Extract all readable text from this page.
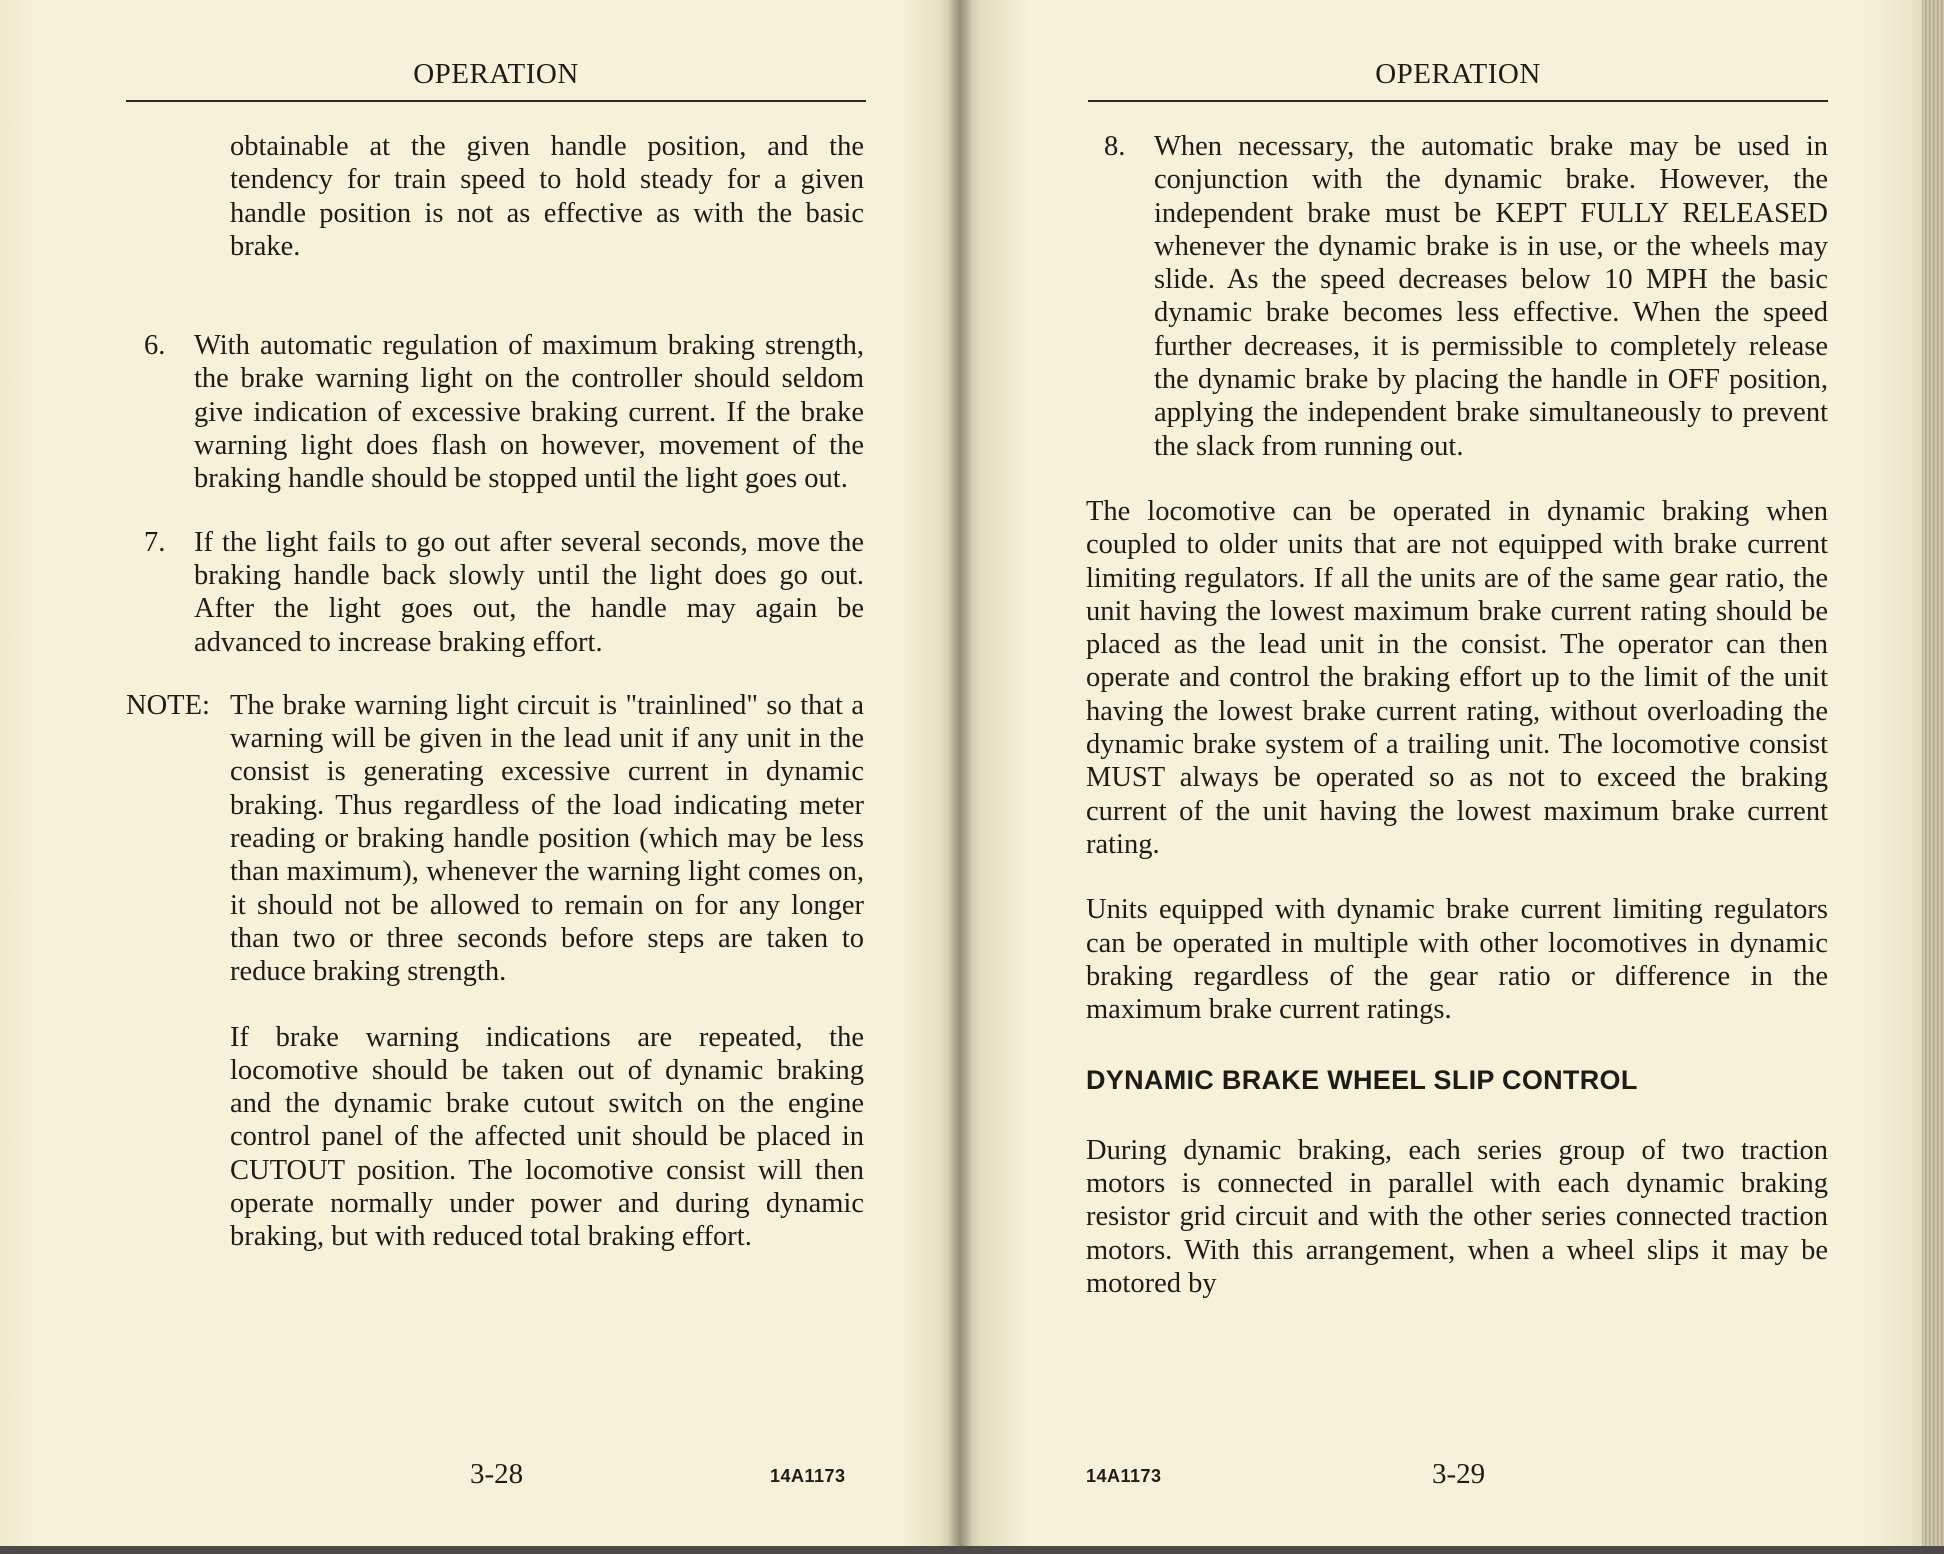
OPERATION

obtainable at the given handle position, and the tendency for train speed to hold steady for a given handle position is not as effective as with the basic brake.

6. With automatic regulation of maximum braking strength, the brake warning light on the controller should seldom give indication of excessive braking current. If the brake warning light does flash on however, movement of the braking handle should be stopped until the light goes out.

7. If the light fails to go out after several seconds, move the braking handle back slowly until the light does go out. After the light goes out, the handle may again be advanced to increase braking effort.

NOTE: The brake warning light circuit is "trainlined" so that a warning will be given in the lead unit if any unit in the consist is generating excessive current in dynamic braking. Thus regardless of the load indicating meter reading or braking handle position (which may be less than maximum), whenever the warning light comes on, it should not be allowed to remain on for any longer than two or three seconds before steps are taken to reduce braking strength.

If brake warning indications are repeated, the locomotive should be taken out of dynamic braking and the dynamic brake cutout switch on the engine control panel of the affected unit should be placed in CUTOUT position. The locomotive consist will then operate normally under power and during dynamic braking, but with reduced total braking effort.

3-28	14A1173
OPERATION
8. When necessary, the automatic brake may be used in conjunction with the dynamic brake. However, the independent brake must be KEPT FULLY RELEASED whenever the dynamic brake is in use, or the wheels may slide. As the speed decreases below 10 MPH the basic dynamic brake becomes less effective. When the speed further decreases, it is permissible to completely release the dynamic brake by placing the handle in OFF position, applying the independent brake simultaneously to prevent the slack from running out.

The locomotive can be operated in dynamic braking when coupled to older units that are not equipped with brake current limiting regulators. If all the units are of the same gear ratio, the unit having the lowest maximum brake current rating should be placed as the lead unit in the consist. The operator can then operate and control the braking effort up to the limit of the unit having the lowest brake current rating, without overloading the dynamic brake system of a trailing unit. The locomotive consist MUST always be operated so as not to exceed the braking current of the unit having the lowest maximum brake current rating.

Units equipped with dynamic brake current limiting regulators can be operated in multiple with other locomotives in dynamic braking regardless of the gear ratio or difference in the maximum brake current ratings.

DYNAMIC BRAKE WHEEL SLIP CONTROL

During dynamic braking, each series group of two traction motors is connected in parallel with each dynamic braking resistor grid circuit and with the other series connected traction motors. With this arrangement, when a wheel slips it may be motored by

14A1173	3-29
